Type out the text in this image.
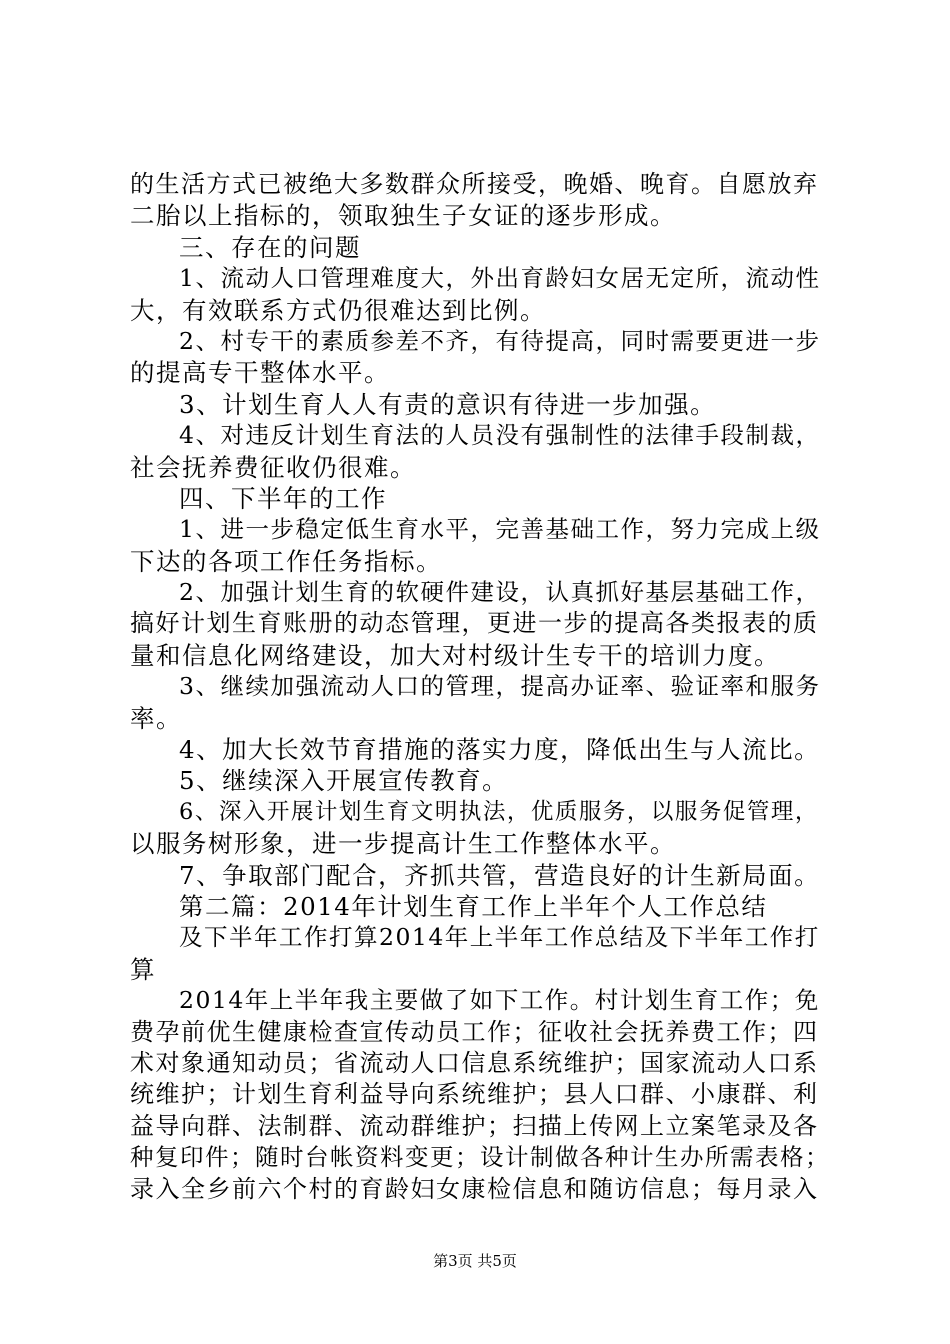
的生活方式已被绝大多数群众所接受，晚婚、晚育。自愿放弃
二胎以上指标的，领取独生子女证的逐步形成。
三、存在的问题
1、流动人口管理难度大，外出育龄妇女居无定所，流动性
大，有效联系方式仍很难达到比例。
2、村专干的素质参差不齐，有待提高，同时需要更进一步
的提高专干整体水平。
3、计划生育人人有责的意识有待进一步加强。
4、对违反计划生育法的人员没有强制性的法律手段制裁，
社会抚养费征收仍很难。
四、下半年的工作
1、进一步稳定低生育水平，完善基础工作，努力完成上级
下达的各项工作任务指标。
2、加强计划生育的软硬件建设，认真抓好基层基础工作，
搞好计划生育账册的动态管理，更进一步的提高各类报表的质
量和信息化网络建设，加大对村级计生专干的培训力度。
3、继续加强流动人口的管理，提高办证率、验证率和服务
率。
4、加大长效节育措施的落实力度，降低出生与人流比。
5、继续深入开展宣传教育。
6、深入开展计划生育文明执法，优质服务，以服务促管理，
以服务树形象，进一步提高计生工作整体水平。
7、争取部门配合，齐抓共管，营造良好的计生新局面。
第二篇：2014年计划生育工作上半年个人工作总结
及下半年工作打算2014年上半年工作总结及下半年工作打
算
2014年上半年我主要做了如下工作。村计划生育工作；免
费孕前优生健康检查宣传动员工作；征收社会抚养费工作；四
术对象通知动员；省流动人口信息系统维护；国家流动人口系
统维护；计划生育利益导向系统维护；县人口群、小康群、利
益导向群、法制群、流动群维护；扫描上传网上立案笔录及各
种复印件；随时台帐资料变更；设计制做各种计生办所需表格；
录入全乡前六个村的育龄妇女康检信息和随访信息；每月录入
第3页 共5页
